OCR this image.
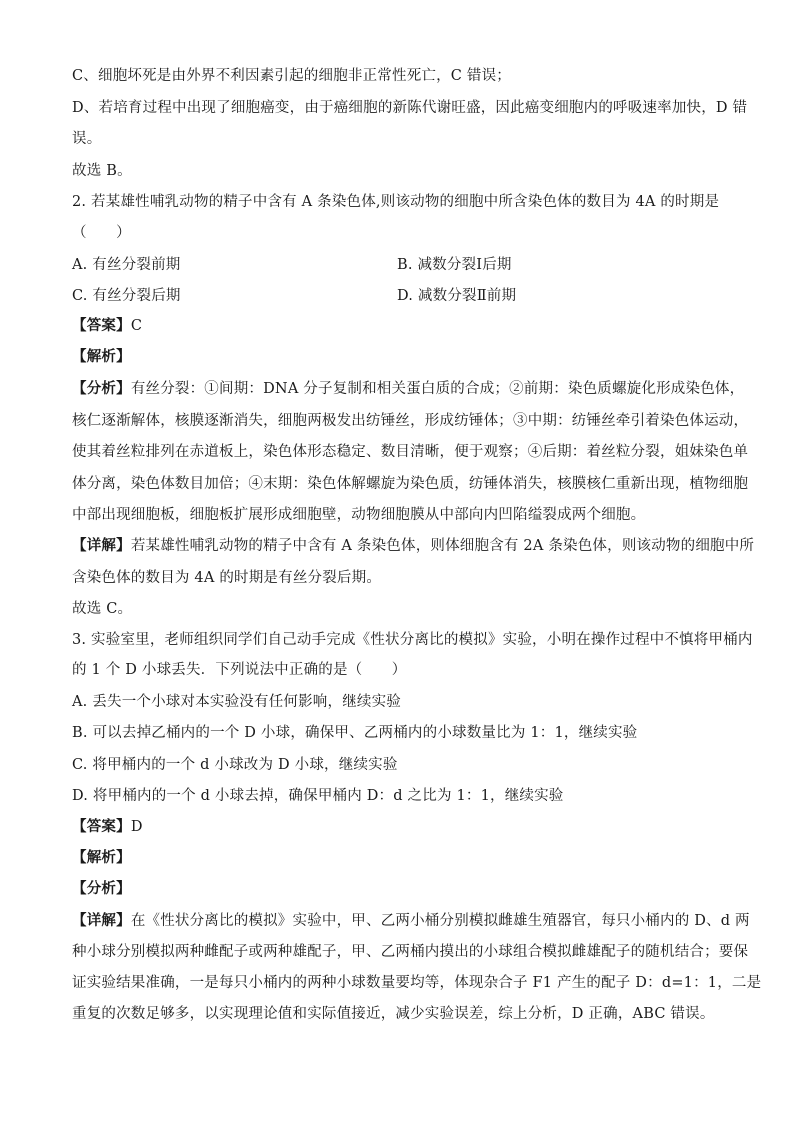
C、细胞坏死是由外界不利因素引起的细胞非正常性死亡，C 错误；
D、若培育过程中出现了细胞癌变，由于癌细胞的新陈代谢旺盛，因此癌变细胞内的呼吸速率加快，D 错
误。
故选 B。
2. 若某雄性哺乳动物的精子中含有 A 条染色体,则该动物的细胞中所含染色体的数目为 4A 的时期是
（　　）
A. 有丝分裂前期	B. 减数分裂Ⅰ后期
C. 有丝分裂后期	D. 减数分裂Ⅱ前期
【答案】C
【解析】
【分析】有丝分裂：①间期：DNA 分子复制和相关蛋白质的合成；②前期：染色质螺旋化形成染色体，
核仁逐渐解体，核膜逐渐消失，细胞两极发出纺锤丝，形成纺锤体；③中期：纺锤丝牵引着染色体运动，
使其着丝粒排列在赤道板上，染色体形态稳定、数目清晰，便于观察；④后期：着丝粒分裂，姐妹染色单
体分离，染色体数目加倍；④末期：染色体解螺旋为染色质，纺锤体消失，核膜核仁重新出现，植物细胞
中部出现细胞板，细胞板扩展形成细胞壁，动物细胞膜从中部向内凹陷缢裂成两个细胞。
【详解】若某雄性哺乳动物的精子中含有 A 条染色体，则体细胞含有 2A 条染色体，则该动物的细胞中所
含染色体的数目为 4A 的时期是有丝分裂后期。
故选 C。
3. 实验室里，老师组织同学们自己动手完成《性状分离比的模拟》实验，小明在操作过程中不慎将甲桶内
的 1 个 D 小球丢失．下列说法中正确的是（　　）
A. 丢失一个小球对本实验没有任何影响，继续实验
B. 可以去掉乙桶内的一个 D 小球，确保甲、乙两桶内的小球数量比为 1：1，继续实验
C. 将甲桶内的一个 d 小球改为 D 小球，继续实验
D. 将甲桶内的一个 d 小球去掉，确保甲桶内 D：d 之比为 1：1，继续实验
【答案】D
【解析】
【分析】
【详解】在《性状分离比的模拟》实验中，甲、乙两小桶分别模拟雌雄生殖器官，每只小桶内的 D、d 两
种小球分别模拟两种雌配子或两种雄配子，甲、乙两桶内摸出的小球组合模拟雌雄配子的随机结合；要保
证实验结果准确，一是每只小桶内的两种小球数量要均等，体现杂合子 F1 产生的配子 D：d=1：1，二是
重复的次数足够多，以实现理论值和实际值接近，减少实验误差，综上分析，D 正确，ABC 错误。
